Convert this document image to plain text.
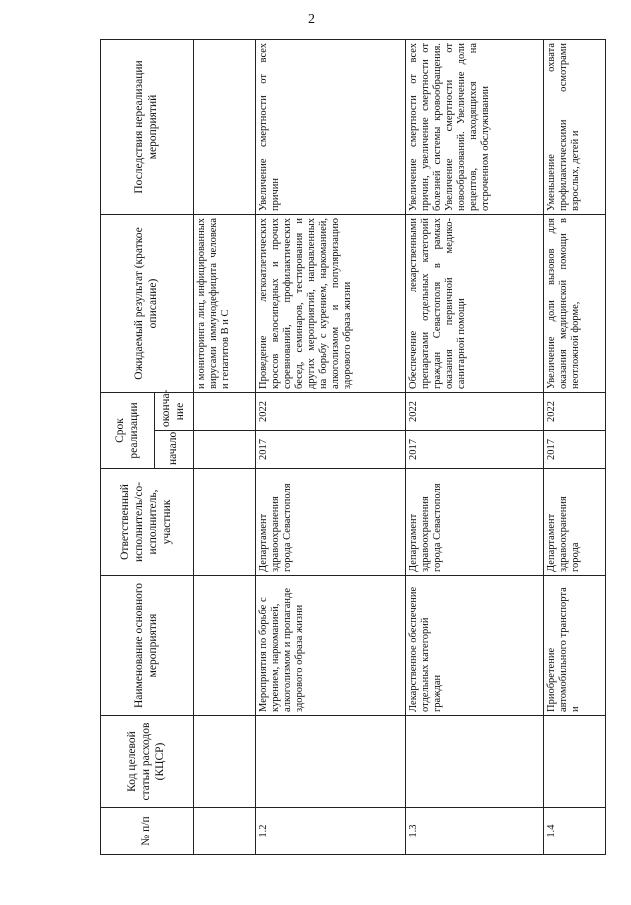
2
№ п/п	Код целевой статьи расходов (КЦСР)	Наименование основного мероприятия	Ответственный исполнитель/со-исполнитель, участник	Срок реализации		Ожидаемый результат (краткое описание)	Последствия нереализации мероприятий
				начало	оконча-ние		
						и мониторинга лиц, инфицированных вирусами иммунодефицита человека и гепатитов В и С	
1.2		Мероприятия по борьбе с курением, наркоманией, алкоголизмом и пропаганде здорового образа жизни	Департамент здравоохранения города Севастополя	2017	2022	Проведение легкоатлетических кроссов велосипедных и прочих соревнований, профилактических бесед, семинаров, тестирования и других мероприятий, направленных на борьбу с курением, наркоманией, алкоголизмом и популяризацию здорового образа жизни	Увеличение смертности от всех причин
1.3		Лекарственное обеспечение отдельных категорий граждан	Департамент здравоохранения города Севастополя	2017	2022	Обеспечение лекарственными препаратами отдельных категорий граждан Севастополя в рамках оказания первичной медико-санитарной помощи	Увеличение смертности от всех причин, увеличение смертности от болезней системы кровообращения. Увеличение смертности от новообразований. Увеличение доли рецептов, находящихся на отсроченном обслуживании
1.4		Приобретение автомобильного транспорта и	Департамент здравоохранения города	2017	2022	Увеличение доли вызовов для оказания медицинской помощи в неотложной форме,	Уменьшение охвата профилактическими осмотрами взрослых, детей и
